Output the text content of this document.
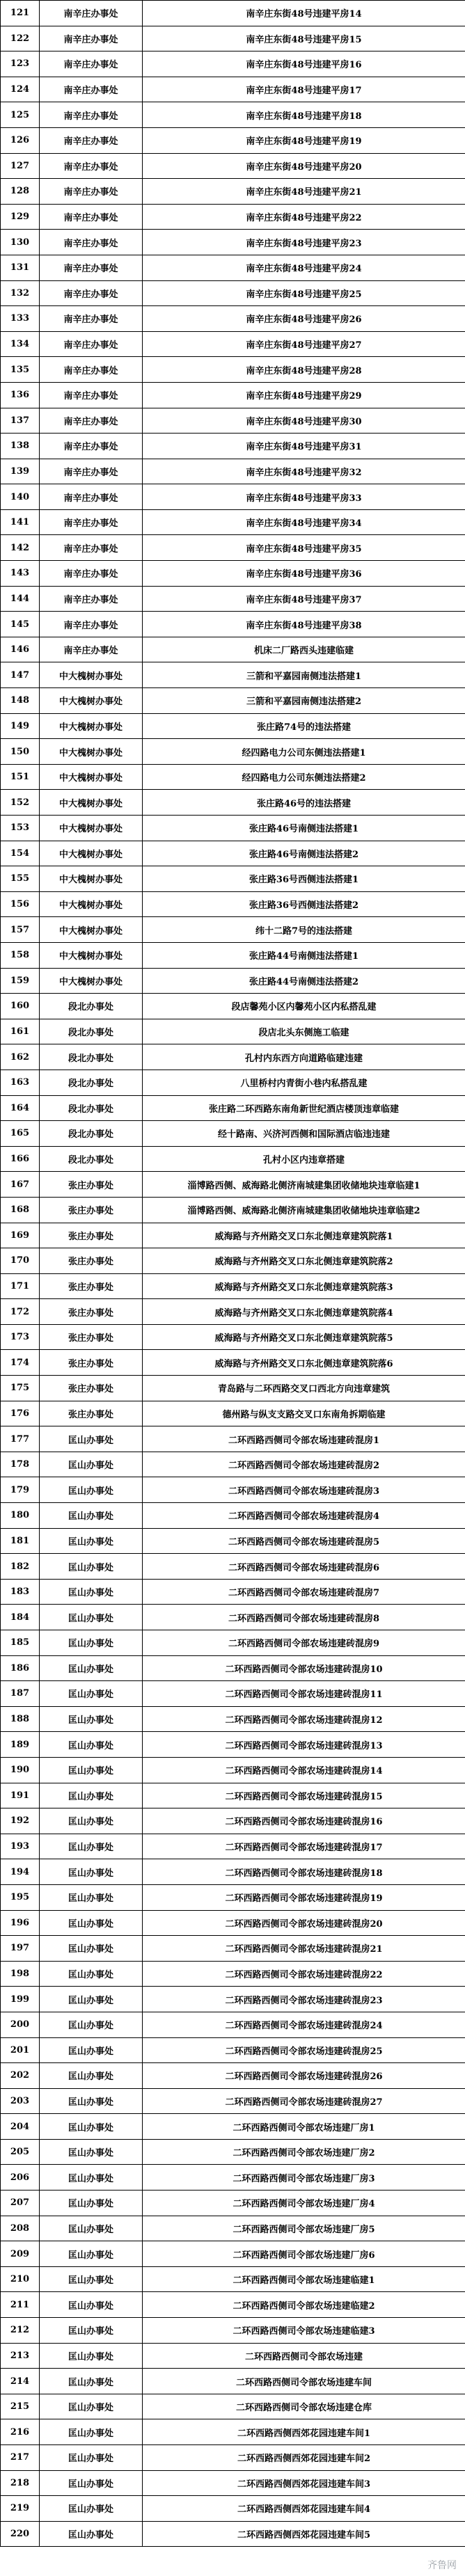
121	南辛庄办事处	南辛庄东街48号违建平房14
122	南辛庄办事处	南辛庄东街48号违建平房15
123	南辛庄办事处	南辛庄东街48号违建平房16
124	南辛庄办事处	南辛庄东街48号违建平房17
125	南辛庄办事处	南辛庄东街48号违建平房18
126	南辛庄办事处	南辛庄东街48号违建平房19
127	南辛庄办事处	南辛庄东街48号违建平房20
128	南辛庄办事处	南辛庄东街48号违建平房21
129	南辛庄办事处	南辛庄东街48号违建平房22
130	南辛庄办事处	南辛庄东街48号违建平房23
131	南辛庄办事处	南辛庄东街48号违建平房24
132	南辛庄办事处	南辛庄东街48号违建平房25
133	南辛庄办事处	南辛庄东街48号违建平房26
134	南辛庄办事处	南辛庄东街48号违建平房27
135	南辛庄办事处	南辛庄东街48号违建平房28
136	南辛庄办事处	南辛庄东街48号违建平房29
137	南辛庄办事处	南辛庄东街48号违建平房30
138	南辛庄办事处	南辛庄东街48号违建平房31
139	南辛庄办事处	南辛庄东街48号违建平房32
140	南辛庄办事处	南辛庄东街48号违建平房33
141	南辛庄办事处	南辛庄东街48号违建平房34
142	南辛庄办事处	南辛庄东街48号违建平房35
143	南辛庄办事处	南辛庄东街48号违建平房36
144	南辛庄办事处	南辛庄东街48号违建平房37
145	南辛庄办事处	南辛庄东街48号违建平房38
146	南辛庄办事处	机床二厂路西头违建临建
147	中大槐树办事处	三箭和平嘉园南侧违法搭建1
148	中大槐树办事处	三箭和平嘉园南侧违法搭建2
149	中大槐树办事处	张庄路74号的违法搭建
150	中大槐树办事处	经四路电力公司东侧违法搭建1
151	中大槐树办事处	经四路电力公司东侧违法搭建2
152	中大槐树办事处	张庄路46号的违法搭建
153	中大槐树办事处	张庄路46号南侧违法搭建1
154	中大槐树办事处	张庄路46号南侧违法搭建2
155	中大槐树办事处	张庄路36号西侧违法搭建1
156	中大槐树办事处	张庄路36号西侧违法搭建2
157	中大槐树办事处	纬十二路7号的违法搭建
158	中大槐树办事处	张庄路44号南侧违法搭建1
159	中大槐树办事处	张庄路44号南侧违法搭建2
160	段北办事处	段店馨苑小区内馨苑小区内私搭乱建
161	段北办事处	段店北头东侧施工临建
162	段北办事处	孔村内东西方向道路临建违建
163	段北办事处	八里桥村内青街小巷内私搭乱建
164	段北办事处	张庄路二环西路东南角新世纪酒店楼顶违章临建
165	段北办事处	经十路南、兴济河西侧和国际酒店临违违建
166	段北办事处	孔村小区内违章搭建
167	张庄办事处	淄博路西侧、威海路北侧济南城建集团收储地块违章临建1
168	张庄办事处	淄博路西侧、威海路北侧济南城建集团收储地块违章临建2
169	张庄办事处	威海路与齐州路交叉口东北侧违章建筑院落1
170	张庄办事处	威海路与齐州路交叉口东北侧违章建筑院落2
171	张庄办事处	威海路与齐州路交叉口东北侧违章建筑院落3
172	张庄办事处	威海路与齐州路交叉口东北侧违章建筑院落4
173	张庄办事处	威海路与齐州路交叉口东北侧违章建筑院落5
174	张庄办事处	威海路与齐州路交叉口东北侧违章建筑院落6
175	张庄办事处	青岛路与二环西路交叉口西北方向违章建筑
176	张庄办事处	德州路与纵支支路交叉口东南角拆期临建
177	匡山办事处	二环西路西侧司令部农场违建砖混房1
178	匡山办事处	二环西路西侧司令部农场违建砖混房2
179	匡山办事处	二环西路西侧司令部农场违建砖混房3
180	匡山办事处	二环西路西侧司令部农场违建砖混房4
181	匡山办事处	二环西路西侧司令部农场违建砖混房5
182	匡山办事处	二环西路西侧司令部农场违建砖混房6
183	匡山办事处	二环西路西侧司令部农场违建砖混房7
184	匡山办事处	二环西路西侧司令部农场违建砖混房8
185	匡山办事处	二环西路西侧司令部农场违建砖混房9
186	匡山办事处	二环西路西侧司令部农场违建砖混房10
187	匡山办事处	二环西路西侧司令部农场违建砖混房11
188	匡山办事处	二环西路西侧司令部农场违建砖混房12
189	匡山办事处	二环西路西侧司令部农场违建砖混房13
190	匡山办事处	二环西路西侧司令部农场违建砖混房14
191	匡山办事处	二环西路西侧司令部农场违建砖混房15
192	匡山办事处	二环西路西侧司令部农场违建砖混房16
193	匡山办事处	二环西路西侧司令部农场违建砖混房17
194	匡山办事处	二环西路西侧司令部农场违建砖混房18
195	匡山办事处	二环西路西侧司令部农场违建砖混房19
196	匡山办事处	二环西路西侧司令部农场违建砖混房20
197	匡山办事处	二环西路西侧司令部农场违建砖混房21
198	匡山办事处	二环西路西侧司令部农场违建砖混房22
199	匡山办事处	二环西路西侧司令部农场违建砖混房23
200	匡山办事处	二环西路西侧司令部农场违建砖混房24
201	匡山办事处	二环西路西侧司令部农场违建砖混房25
202	匡山办事处	二环西路西侧司令部农场违建砖混房26
203	匡山办事处	二环西路西侧司令部农场违建砖混房27
204	匡山办事处	二环西路西侧司令部农场违建厂房1
205	匡山办事处	二环西路西侧司令部农场违建厂房2
206	匡山办事处	二环西路西侧司令部农场违建厂房3
207	匡山办事处	二环西路西侧司令部农场违建厂房4
208	匡山办事处	二环西路西侧司令部农场违建厂房5
209	匡山办事处	二环西路西侧司令部农场违建厂房6
210	匡山办事处	二环西路西侧司令部农场违建临建1
211	匡山办事处	二环西路西侧司令部农场违建临建2
212	匡山办事处	二环西路西侧司令部农场违建临建3
213	匡山办事处	二环西路西侧司令部农场违建
214	匡山办事处	二环西路西侧司令部农场违建车间
215	匡山办事处	二环西路西侧司令部农场违建仓库
216	匡山办事处	二环西路西侧西郊花园违建车间1
217	匡山办事处	二环西路西侧西郊花园违建车间2
218	匡山办事处	二环西路西侧西郊花园违建车间3
219	匡山办事处	二环西路西侧西郊花园违建车间4
220	匡山办事处	二环西路西侧西郊花园违建车间5
齐鲁网
